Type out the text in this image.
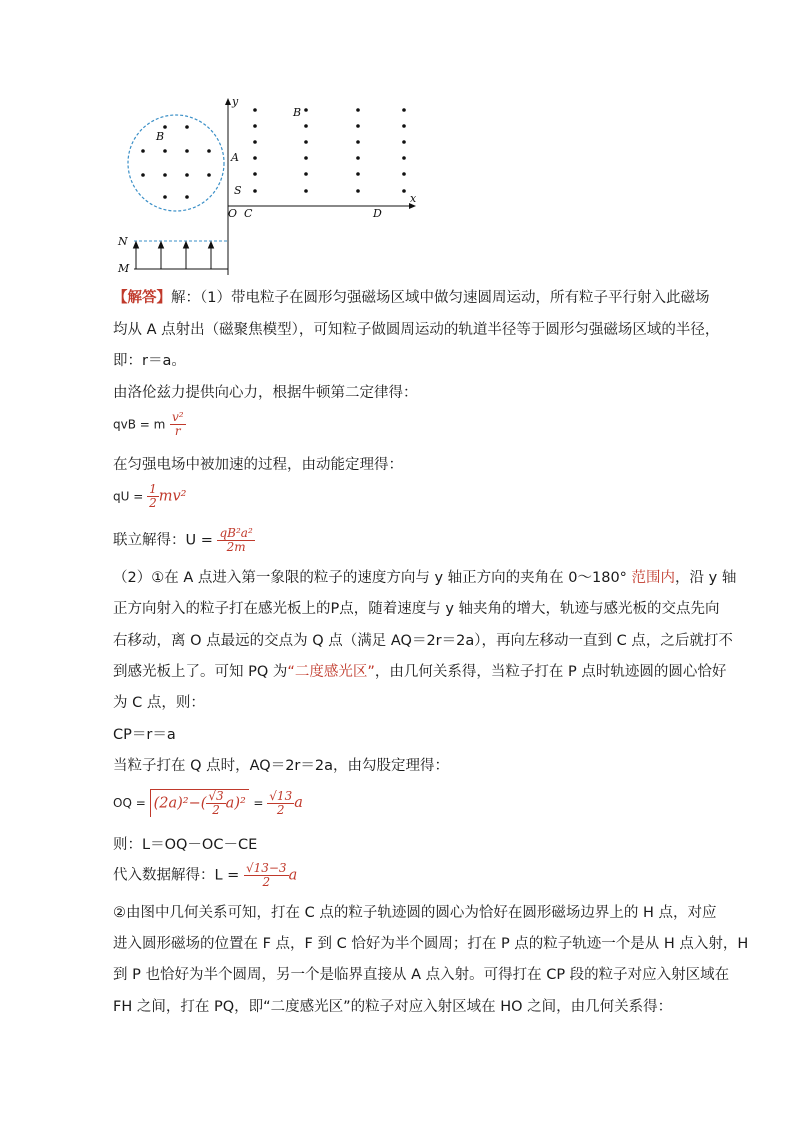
y
x
B
B
A
S
O C	D
N
M
【解答】解：（1）带电粒子在圆形匀强磁场区域中做匀速圆周运动，所有粒子平行射入此磁场
均从 A 点射出（磁聚焦模型），可知粒子做圆周运动的轨道半径等于圆形匀强磁场区域的半径，
即：r＝a。
由洛伦兹力提供向心力，根据牛顿第二定律得：
qvB = m $\frac{\text{v²}}{r}$
在匀强电场中被加速的过程，由动能定理得：
qU = $\frac{1}{2} mv^2$
联立解得：$U = \frac{\text{qB²a²}}{2m}$
（2）①在 A 点进入第一象限的粒子的速度方向与 y 轴正方向的夹角在 0～180° 范围内，沿 y 轴
正方向射入的粒子打在感光板上的P点，随着速度与 y 轴夹角的增大，轨迹与感光板的交点先向
右移动，离 O 点最远的交点为 Q 点（满足 AQ＝2r＝2a），再向左移动一直到 C 点，之后就打不
到感光板上了。可知 PQ 为“二度感光区”，由几何关系得，当粒子打在 P 点时轨迹圆的圆心恰好
为 C 点，则：
CP＝r＝a
当粒子打在 Q 点时，AQ＝2r＝2a，由勾股定理得：
OQ = $(2a)^2-( \frac{√3}{2} a)^2 = \frac{√13}{2}$ a
则：L＝OQ－OC－CE
代入数据解得：$L = \frac{√13-3}{2}$ a
②由图中几何关系可知，打在 C 点的粒子轨迹圆的圆心为恰好在圆形磁场边界上的 H 点，对应
进入圆形磁场的位置在 F 点，F 到 C 恰好为半个圆周；打在 P 点的粒子轨迹一个是从 H 点入射，H
到 P 也恰好为半个圆周，另一个是临界直接从 A 点入射。可得打在 CP 段的粒子对应入射区域在
FH 之间，打在 PQ，即“二度感光区”的粒子对应入射区域在 HO 之间，由几何关系得：
